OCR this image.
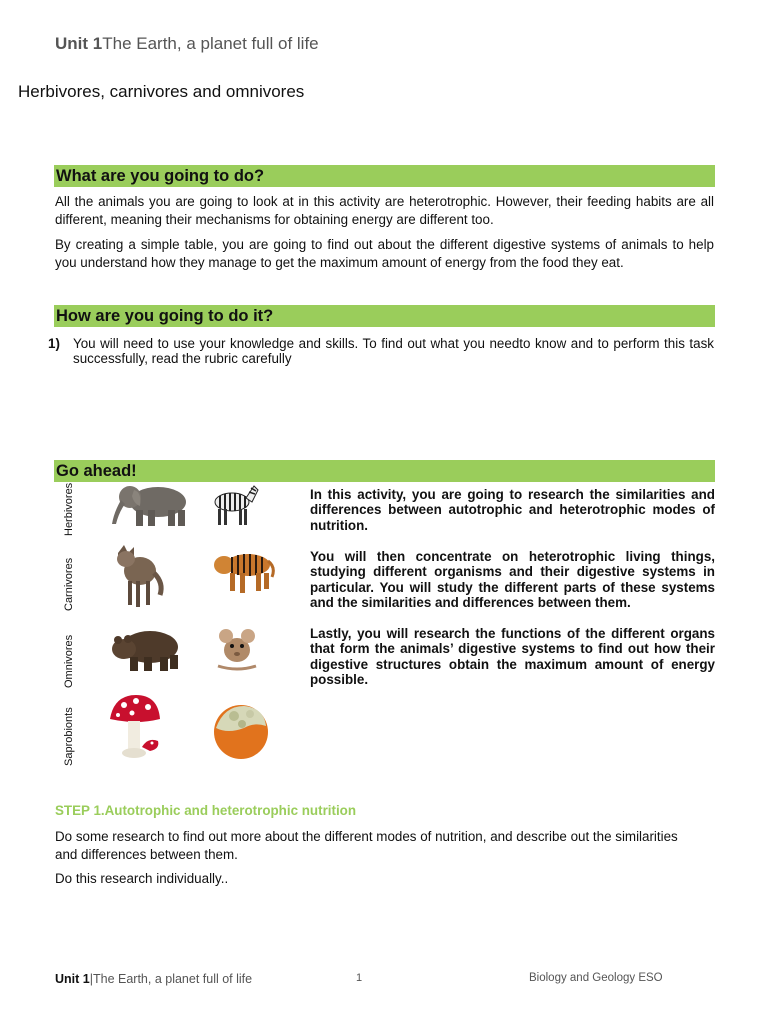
Unit 1The Earth, a planet full of life
Herbivores, carnivores and omnivores
What are you going to do?
All the animals you are going to look at in this activity are heterotrophic. However, their feeding habits are all different, meaning their mechanisms for obtaining energy are different too.
By creating a simple table, you are going to find out about the different digestive systems of animals to help you understand how they manage to get the maximum amount of energy from the food they eat.
How are you going to do it?
1) You will need to use your knowledge and skills. To find out what you needto know and to perform this task successfully, read the rubric carefully
Go ahead!
Herbivores
Carnivores
Omnivores
Saprobionts
In this activity, you are going to research the similarities and differences between autotrophic and heterotrophic modes of nutrition.
You will then concentrate on heterotrophic living things, studying different organisms and their digestive systems in particular. You will study the different parts of these systems and the similarities and differences between them.
Lastly, you will research the functions of the different organs that form the animals’ digestive systems to find out how their digestive structures obtain the maximum amount of energy possible.
STEP 1.Autotrophic and heterotrophic nutrition
Do some research to find out more about the different modes of nutrition, and describe out the similarities and differences between them.
Do this research individually..
Unit 1|The Earth, a planet full of life	1	Biology and Geology ESO
